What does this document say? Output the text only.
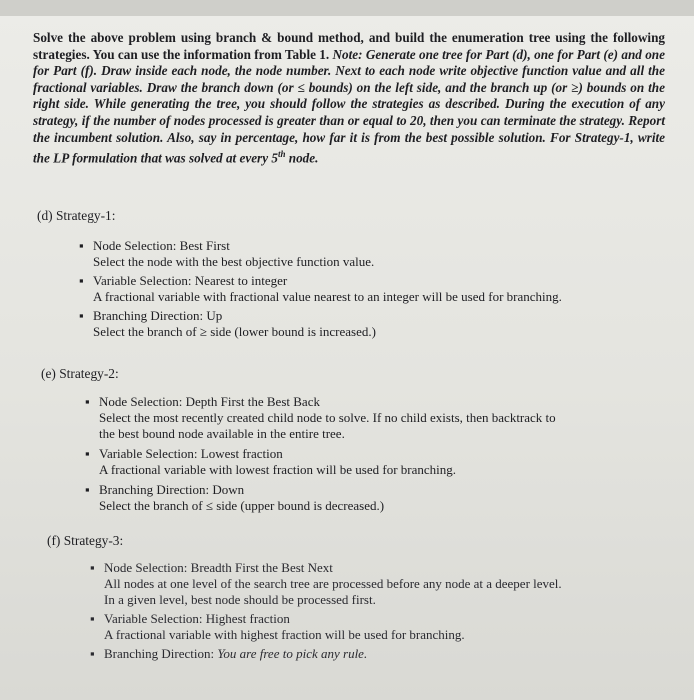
Solve the above problem using branch & bound method, and build the enumeration tree using the following strategies. You can use the information from Table 1. Note: Generate one tree for Part (d), one for Part (e) and one for Part (f). Draw inside each node, the node number. Next to each node write objective function value and all the fractional variables. Draw the branch down (or ≤ bounds) on the left side, and the branch up (or ≥) bounds on the right side. While generating the tree, you should follow the strategies as described. During the execution of any strategy, if the number of nodes processed is greater than or equal to 20, then you can terminate the strategy. Report the incumbent solution. Also, say in percentage, how far it is from the best possible solution. For Strategy-1, write the LP formulation that was solved at every 5th node.
(d) Strategy-1:
▪ Node Selection: Best First
Select the node with the best objective function value.
▪ Variable Selection: Nearest to integer
A fractional variable with fractional value nearest to an integer will be used for branching.
▪ Branching Direction: Up
Select the branch of ≥ side (lower bound is increased.)
(e) Strategy-2:
▪ Node Selection: Depth First the Best Back
Select the most recently created child node to solve. If no child exists, then backtrack to
the best bound node available in the entire tree.
▪ Variable Selection: Lowest fraction
A fractional variable with lowest fraction will be used for branching.
▪ Branching Direction: Down
Select the branch of ≤ side (upper bound is decreased.)
(f) Strategy-3:
▪ Node Selection: Breadth First the Best Next
All nodes at one level of the search tree are processed before any node at a deeper level.
In a given level, best node should be processed first.
▪ Variable Selection: Highest fraction
A fractional variable with highest fraction will be used for branching.
▪ Branching Direction: You are free to pick any rule.
